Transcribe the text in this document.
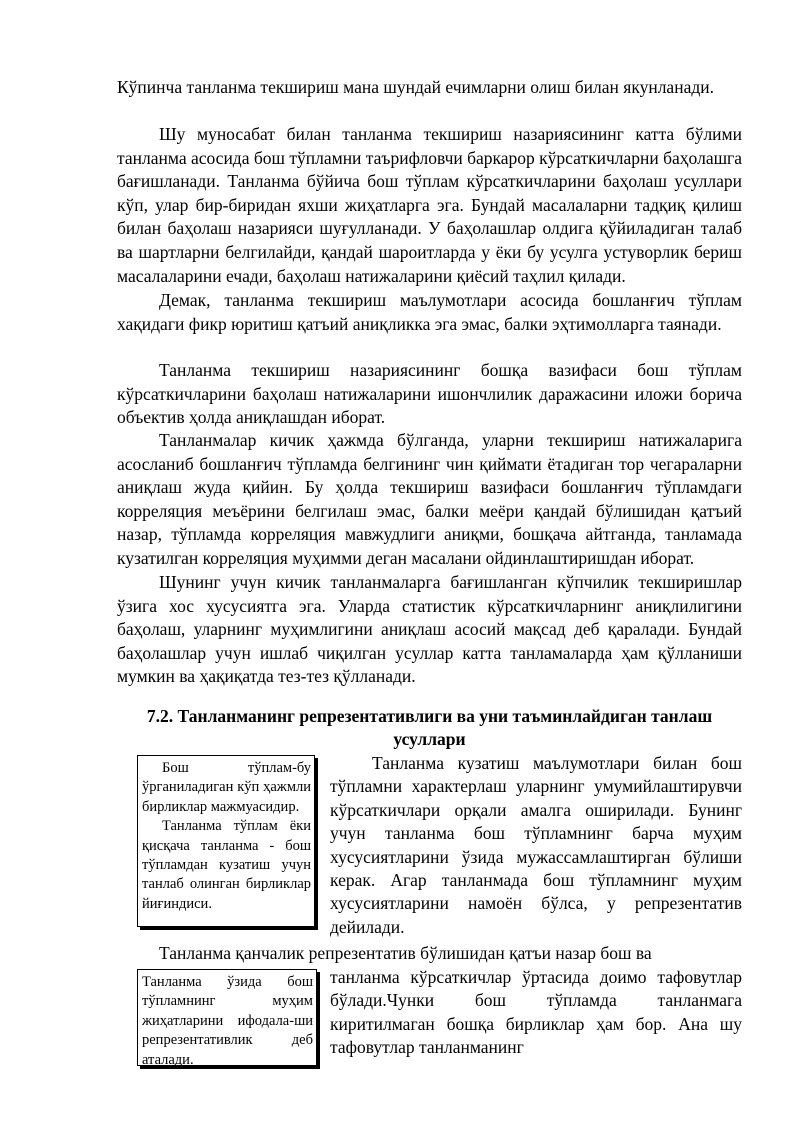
Кўпинча танланма текшириш мана шундай ечимларни олиш билан якунланади.

Шу муносабат билан танланма текшириш назариясининг катта бўлими танланма асосида бош тўпламни таърифловчи баркарор кўрсаткичларни баҳолашга бағишланади. Танланма бўйича бош тўплам кўрсаткичларини баҳолаш усуллари кўп, улар бир-биридан яхши жиҳатларга эга. Бундай масалаларни тадқиқ қилиш билан баҳолаш назарияси шуғулланади. У баҳолашлар олдига қўйиладиган талаб ва шартларни белгилайди, қандай шароитларда у ёки бу усулга устуворлик бериш масалаларини ечади, баҳолаш натижаларини қиёсий таҳлил қилади.

Демак, танланма текшириш маълумотлари асосида бошланғич тўплам хақидаги фикр юритиш қатъий аниқликка эга эмас, балки эҳтимолларга таянади.

Танланма текшириш назариясининг бошқа вазифаси бош тўплам кўрсаткичларини баҳолаш натижаларини ишончлилик даражасини иложи борича объектив ҳолда аниқлашдан иборат.

Танланмалар кичик ҳажмда бўлганда, уларни текшириш натижаларига асосланиб бошланғич тўпламда белгининг чин қиймати ётадиган тор чегараларни аниқлаш жуда қийин. Бу ҳолда текшириш вазифаси бошланғич тўпламдаги корреляция меъёрини белгилаш эмас, балки меёри қандай бўлишидан қатъий назар, тўпламда корреляция мавжудлиги аниқми, бошқача айтганда, танламада кузатилган корреляция муҳимми деган масалани ойдинлаштиришдан иборат.

Шунинг учун кичик танланмаларга бағишланган кўпчилик текширишлар ўзига хос хусусиятга эга. Уларда статистик кўрсаткичларнинг аниқлилигини баҳолаш, уларнинг муҳимлигини аниқлаш асосий мақсад деб қаралади. Бундай баҳолашлар учун ишлаб чиқилган усуллар катта танламаларда ҳам қўлланиши мумкин ва ҳақиқатда тез-тез қўлланади.

7.2. Танланманинг репрезентативлиги ва уни таъминлайдиган танлаш усуллари

Бош тўплам-бу ўрганиладиган кўп ҳажмли бирликлар мажмуасидир.

Танланма тўплам ёки қисқача танланма - бош тўпламдан кузатиш учун танлаб олинган бирликлар йиғиндиси.

Танланма кузатиш маълумотлари билан бош тўпламни характерлаш уларнинг умумийлаштирувчи кўрсаткичлари орқали амалга оширилади. Бунинг учун танланма бош тўпламнинг барча муҳим хусусиятларини ўзида мужассамлаштирган бўлиши керак. Агар танланмада бош тўпламнинг муҳим хусусиятларини намоён бўлса, у репрезентатив дейилади.

Танланма қанчалик репрезентатив бўлишидан қатъи назар бош ва

Танланма ўзида бош тўпламнинг муҳим жиҳатларини ифодала-ши репрезентативлик деб аталади.

танланма кўрсаткичлар ўртасида доимо тафовутлар бўлади.Чунки бош тўпламда танланмага киритилмаган бошқа бирликлар ҳам бор. Ана шу тафовутлар танланманинг
